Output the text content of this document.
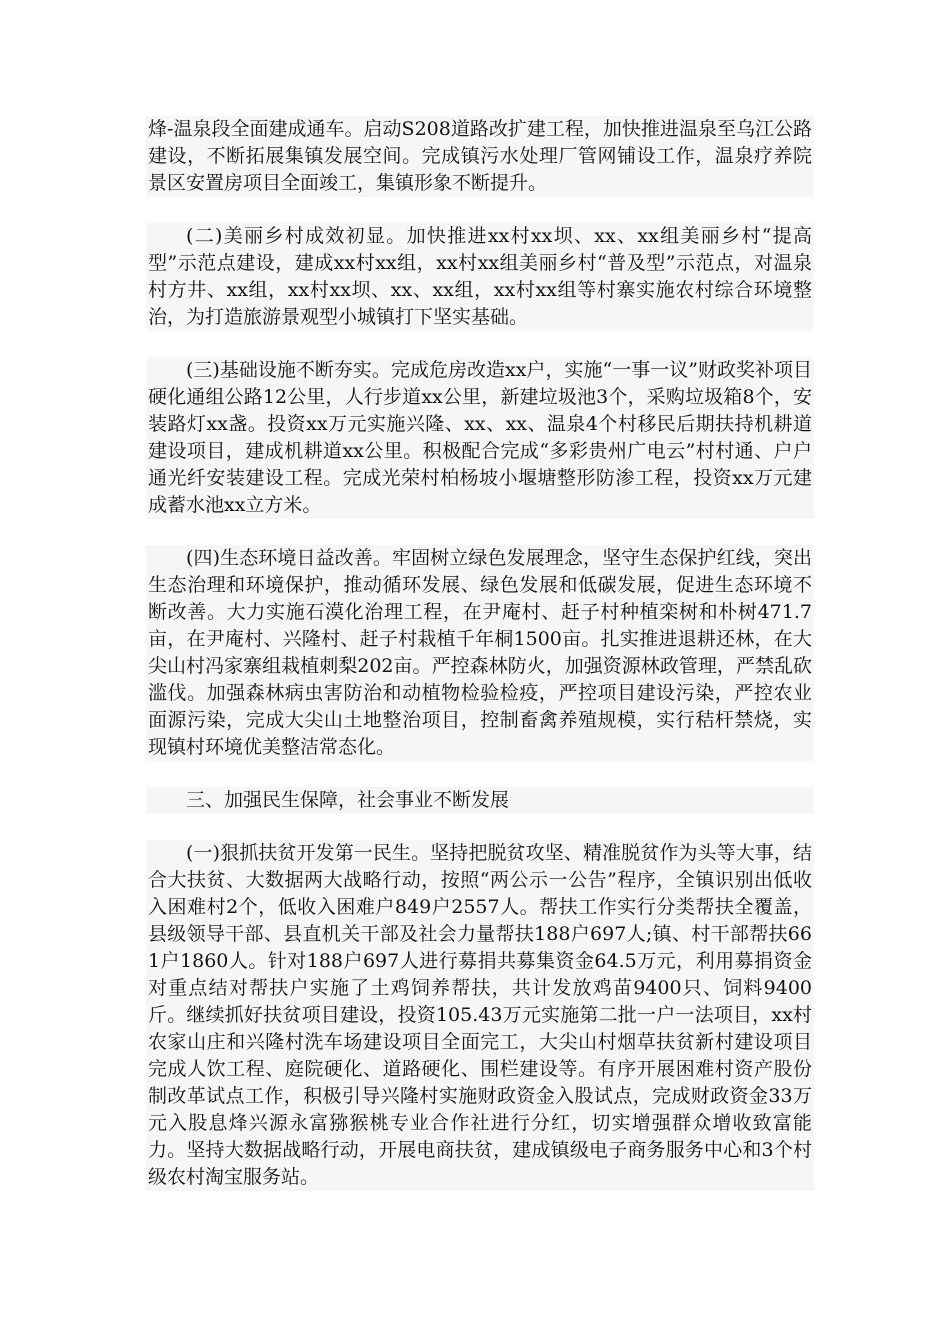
烽-温泉段全面建成通车。启动S208道路改扩建工程，加快推进温泉至乌江公路建设，不断拓展集镇发展空间。完成镇污水处理厂管网铺设工作，温泉疗养院景区安置房项目全面竣工，集镇形象不断提升。

(二)美丽乡村成效初显。加快推进xx村xx坝、xx、xx组美丽乡村“提高型”示范点建设，建成xx村xx组，xx村xx组美丽乡村“普及型”示范点，对温泉村方井、xx组，xx村xx坝、xx、xx组，xx村xx组等村寨实施农村综合环境整治，为打造旅游景观型小城镇打下坚实基础。

(三)基础设施不断夯实。完成危房改造xx户，实施“一事一议”财政奖补项目硬化通组公路12公里，人行步道xx公里，新建垃圾池3个，采购垃圾箱8个，安装路灯xx盏。投资xx万元实施兴隆、xx、xx、温泉4个村移民后期扶持机耕道建设项目，建成机耕道xx公里。积极配合完成“多彩贵州广电云”村村通、户户通光纤安装建设工程。完成光荣村柏杨坡小堰塘整形防渗工程，投资xx万元建成蓄水池xx立方米。

(四)生态环境日益改善。牢固树立绿色发展理念，坚守生态保护红线，突出生态治理和环境保护，推动循环发展、绿色发展和低碳发展，促进生态环境不断改善。大力实施石漠化治理工程，在尹庵村、赶子村种植栾树和朴树471.7亩，在尹庵村、兴隆村、赶子村栽植千年桐1500亩。扎实推进退耕还林，在大尖山村冯家寨组栽植刺梨202亩。严控森林防火，加强资源林政管理，严禁乱砍滥伐。加强森林病虫害防治和动植物检验检疫，严控项目建设污染，严控农业面源污染，完成大尖山土地整治项目，控制畜禽养殖规模，实行秸杆禁烧，实现镇村环境优美整洁常态化。

三、加强民生保障，社会事业不断发展

(一)狠抓扶贫开发第一民生。坚持把脱贫攻坚、精准脱贫作为头等大事，结合大扶贫、大数据两大战略行动，按照“两公示一公告”程序，全镇识别出低收入困难村2个，低收入困难户849户2557人。帮扶工作实行分类帮扶全覆盖，县级领导干部、县直机关干部及社会力量帮扶188户697人;镇、村干部帮扶661户1860人。针对188户697人进行募捐共募集资金64.5万元，利用募捐资金对重点结对帮扶户实施了土鸡饲养帮扶，共计发放鸡苗9400只、饲料9400斤。继续抓好扶贫项目建设，投资105.43万元实施第二批一户一法项目，xx村农家山庄和兴隆村洗车场建设项目全面完工，大尖山村烟草扶贫新村建设项目完成人饮工程、庭院硬化、道路硬化、围栏建设等。有序开展困难村资产股份制改革试点工作，积极引导兴隆村实施财政资金入股试点，完成财政资金33万元入股息烽兴源永富猕猴桃专业合作社进行分红，切实增强群众增收致富能力。坚持大数据战略行动，开展电商扶贫，建成镇级电子商务服务中心和3个村级农村淘宝服务站。
